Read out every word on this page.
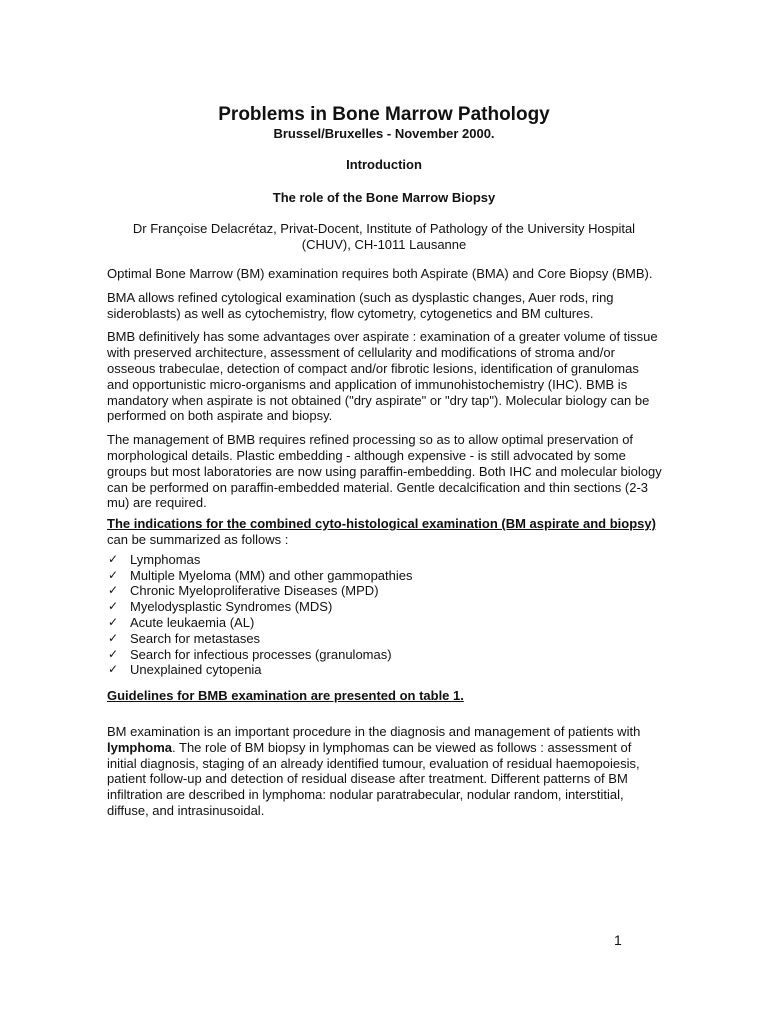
Problems in Bone Marrow Pathology
Brussel/Bruxelles - November 2000.
Introduction
The role of the Bone Marrow Biopsy
Dr Françoise Delacrétaz, Privat-Docent, Institute of Pathology of the University Hospital
(CHUV), CH-1011 Lausanne

Optimal Bone Marrow (BM) examination requires both Aspirate (BMA) and Core Biopsy (BMB).

BMA allows refined cytological examination (such as dysplastic changes, Auer rods, ring sideroblasts) as well as cytochemistry, flow cytometry, cytogenetics and BM cultures.

BMB definitively has some advantages over aspirate : examination of a greater volume of tissue with preserved architecture, assessment of cellularity and modifications of stroma and/or osseous trabeculae, detection of compact and/or fibrotic lesions, identification of granulomas and opportunistic micro-organisms and application of immunohistochemistry (IHC). BMB is mandatory when aspirate is not obtained ("dry aspirate" or "dry tap"). Molecular biology can be performed on both aspirate and biopsy.

The management of BMB requires refined processing so as to allow optimal preservation of morphological details. Plastic embedding - although expensive - is still advocated by some groups but most laboratories are now using paraffin-embedding. Both IHC and molecular biology can be performed on paraffin-embedded material. Gentle decalcification and thin sections (2-3 mu) are required.

The indications for the combined cyto-histological examination (BM aspirate and biopsy) can be summarized as follows :

✓ Lymphomas
✓ Multiple Myeloma (MM) and other gammopathies
✓ Chronic Myeloproliferative Diseases (MPD)
✓ Myelodysplastic Syndromes (MDS)
✓ Acute leukaemia (AL)
✓ Search for metastases
✓ Search for infectious processes (granulomas)
✓ Unexplained cytopenia

Guidelines for BMB examination are presented on table 1.

BM examination is an important procedure in the diagnosis and management of patients with lymphoma. The role of BM biopsy in lymphomas can be viewed as follows : assessment of initial diagnosis, staging of an already identified tumour, evaluation of residual haemopoiesis, patient follow-up and detection of residual disease after treatment. Different patterns of BM infiltration are described in lymphoma: nodular paratrabecular, nodular random, interstitial, diffuse, and intrasinusoidal.

1
